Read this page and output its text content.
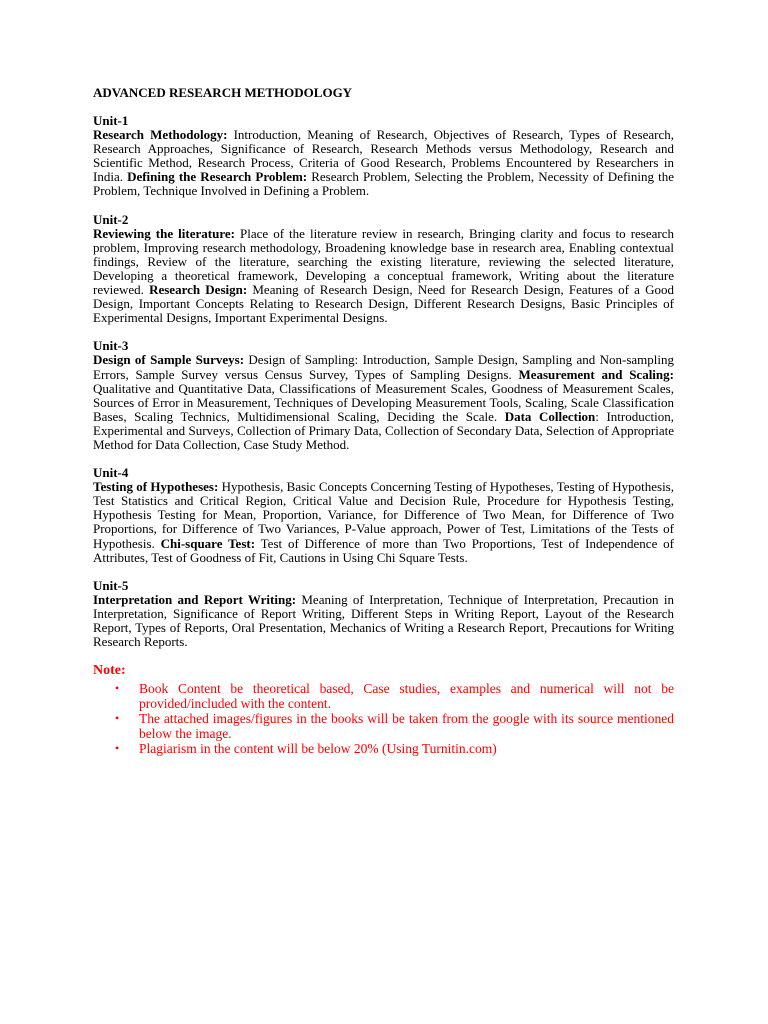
ADVANCED RESEARCH METHODOLOGY

Unit-1

Research Methodology: Introduction, Meaning of Research, Objectives of Research, Types of Research, Research Approaches, Significance of Research, Research Methods versus Methodology, Research and Scientific Method, Research Process, Criteria of Good Research, Problems Encountered by Researchers in India. Defining the Research Problem: Research Problem, Selecting the Problem, Necessity of Defining the Problem, Technique Involved in Defining a Problem.

Unit-2

Reviewing the literature: Place of the literature review in research, Bringing clarity and focus to research problem, Improving research methodology, Broadening knowledge base in research area, Enabling contextual findings, Review of the literature, searching the existing literature, reviewing the selected literature, Developing a theoretical framework, Developing a conceptual framework, Writing about the literature reviewed. Research Design: Meaning of Research Design, Need for Research Design, Features of a Good Design, Important Concepts Relating to Research Design, Different Research Designs, Basic Principles of Experimental Designs, Important Experimental Designs.

Unit-3

Design of Sample Surveys: Design of Sampling: Introduction, Sample Design, Sampling and Non-sampling Errors, Sample Survey versus Census Survey, Types of Sampling Designs. Measurement and Scaling: Qualitative and Quantitative Data, Classifications of Measurement Scales, Goodness of Measurement Scales, Sources of Error in Measurement, Techniques of Developing Measurement Tools, Scaling, Scale Classification Bases, Scaling Technics, Multidimensional Scaling, Deciding the Scale. Data Collection: Introduction, Experimental and Surveys, Collection of Primary Data, Collection of Secondary Data, Selection of Appropriate Method for Data Collection, Case Study Method.

Unit-4

Testing of Hypotheses: Hypothesis, Basic Concepts Concerning Testing of Hypotheses, Testing of Hypothesis, Test Statistics and Critical Region, Critical Value and Decision Rule, Procedure for Hypothesis Testing, Hypothesis Testing for Mean, Proportion, Variance, for Difference of Two Mean, for Difference of Two Proportions, for Difference of Two Variances, P-Value approach, Power of Test, Limitations of the Tests of Hypothesis. Chi-square Test: Test of Difference of more than Two Proportions, Test of Independence of Attributes, Test of Goodness of Fit, Cautions in Using Chi Square Tests.

Unit-5

Interpretation and Report Writing: Meaning of Interpretation, Technique of Interpretation, Precaution in Interpretation, Significance of Report Writing, Different Steps in Writing Report, Layout of the Research Report, Types of Reports, Oral Presentation, Mechanics of Writing a Research Report, Precautions for Writing Research Reports.

Note:

• Book Content be theoretical based, Case studies, examples and numerical will not be provided/included with the content.
• The attached images/figures in the books will be taken from the google with its source mentioned below the image.
• Plagiarism in the content will be below 20% (Using Turnitin.com)
